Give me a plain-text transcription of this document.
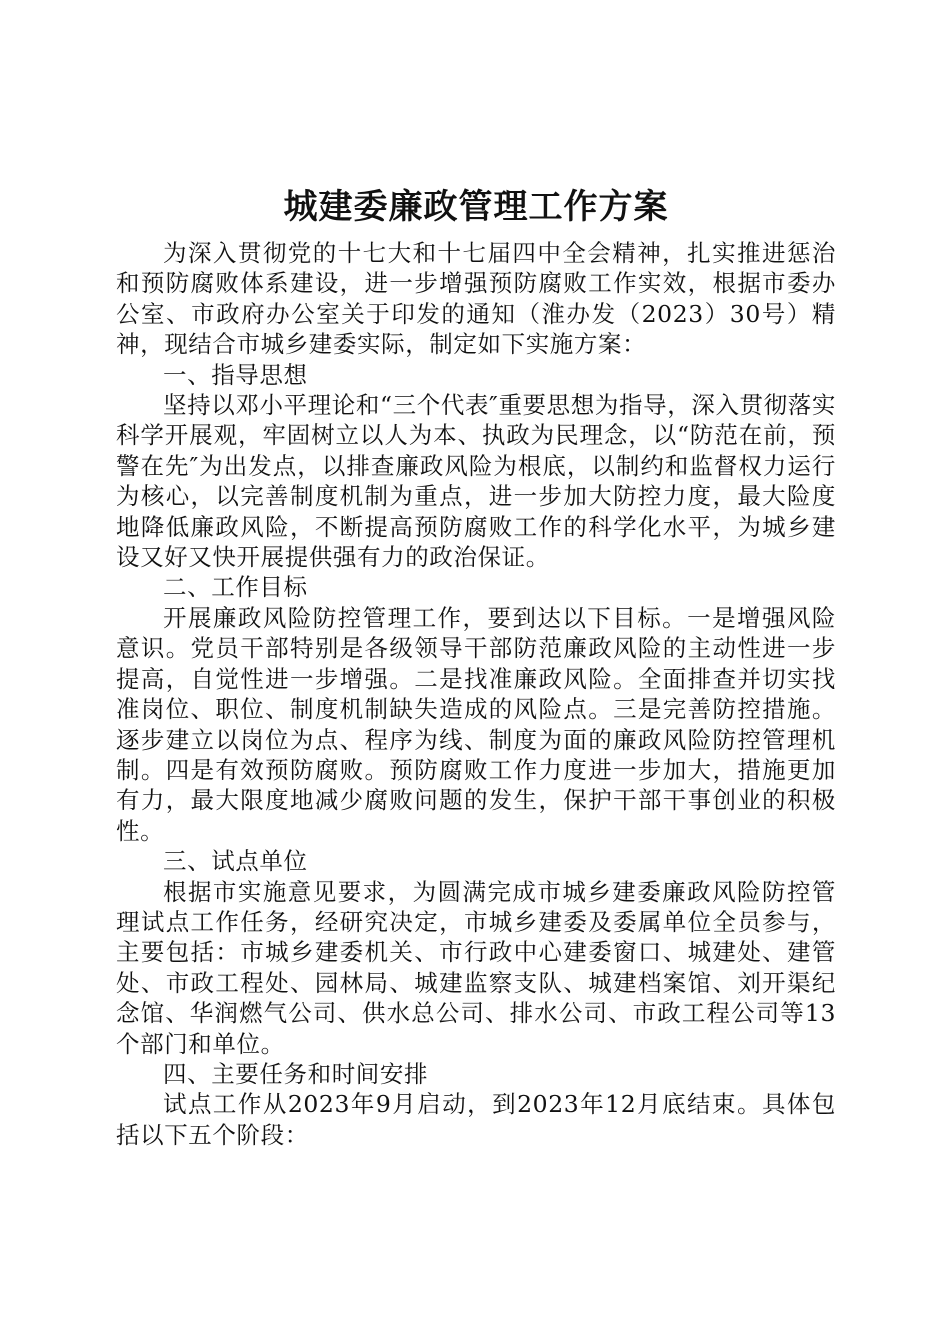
城建委廉政管理工作方案

为深入贯彻党的十七大和十七届四中全会精神，扎实推进惩治和预防腐败体系建设，进一步增强预防腐败工作实效，根据市委办公室、市政府办公室关于印发的通知（淮办发（2023）30号）精神，现结合市城乡建委实际，制定如下实施方案：

一、指导思想

坚持以邓小平理论和“三个代表″重要思想为指导，深入贯彻落实科学开展观，牢固树立以人为本、执政为民理念，以“防范在前，预警在先″为出发点，以排查廉政风险为根底，以制约和监督权力运行为核心，以完善制度机制为重点，进一步加大防控力度，最大险度地降低廉政风险，不断提高预防腐败工作的科学化水平，为城乡建设又好又快开展提供强有力的政治保证。

二、工作目标

开展廉政风险防控管理工作，要到达以下目标。一是增强风险意识。党员干部特别是各级领导干部防范廉政风险的主动性进一步提高，自觉性进一步增强。二是找准廉政风险。全面排查并切实找准岗位、职位、制度机制缺失造成的风险点。三是完善防控措施。逐步建立以岗位为点、程序为线、制度为面的廉政风险防控管理机制。四是有效预防腐败。预防腐败工作力度进一步加大，措施更加有力，最大限度地减少腐败问题的发生，保护干部干事创业的积极性。

三、试点单位

根据市实施意见要求，为圆满完成市城乡建委廉政风险防控管理试点工作任务，经研究决定，市城乡建委及委属单位全员参与，主要包括：市城乡建委机关、市行政中心建委窗口、城建处、建管处、市政工程处、园林局、城建监察支队、城建档案馆、刘开渠纪念馆、华润燃气公司、供水总公司、排水公司、市政工程公司等13个部门和单位。

四、主要任务和时间安排

试点工作从2023年9月启动，到2023年12月底结束。具体包括以下五个阶段：
